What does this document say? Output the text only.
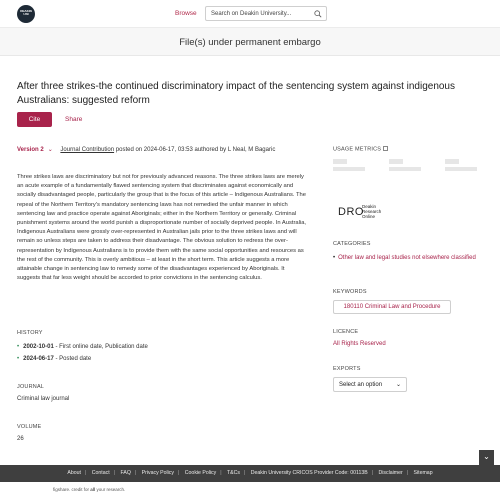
DEAKIN
UNI	Browse Search on Deakin University...
File(s) under permanent embargo
After three strikes-the continued discriminatory impact of the sentencing system against indigenous Australians: suggested reform
Cite	Share
Version 2 ⌄ Journal Contribution posted on 2024-06-17, 03:53 authored by L Neal, M Bagaric
Three strikes laws are discriminatory but not for previously advanced reasons. The three strikes laws are merely an acute example of a fundamentally flawed sentencing system that discriminates against economically and socially disadvantaged people, particularly the group that is the focus of this article – Indigenous Australians. The repeal of the Northern Territory's mandatory sentencing laws has not remedied the unfair manner in which sentencing law and practice operate against Aboriginals; either in the Northern Territory or generally. Criminal punishment systems around the world punish a disproportionate number of socially deprived people. In Australia, Indigenous Australians were grossly over-represented in Australian jails prior to the three strikes laws and will remain so unless steps are taken to address their disadvantage. The obvious solution to redress the over-representation by Indigenous Australians is to provide them with the same social opportunities and resources as the rest of the community. This is overly ambitious – at least in the short term. This article suggests a more attainable change in sentencing law to remedy some of the disadvantages experienced by Aboriginals. It suggests that far less weight should be accorded to prior convictions in the sentencing calculus.
HISTORY
• 2002-10-01 - First online date, Publication date
• 2024-06-17 - Posted date
JOURNAL
Criminal law journal
VOLUME
26
USAGE METRICS
DRO
Deakin
Research
Online
CATEGORIES
• Other law and legal studies not elsewhere classified
KEYWORDS
180110 Criminal Law and Procedure
LICENCE
All Rights Reserved
EXPORTS
Select an option ⌄
⌄
About | Contact | FAQ | Privacy Policy | Cookie Policy | T&Cs | Deakin University CRICOS Provider Code: 00113B | Disclaimer | Sitemap
figshare. credit for all your research.
